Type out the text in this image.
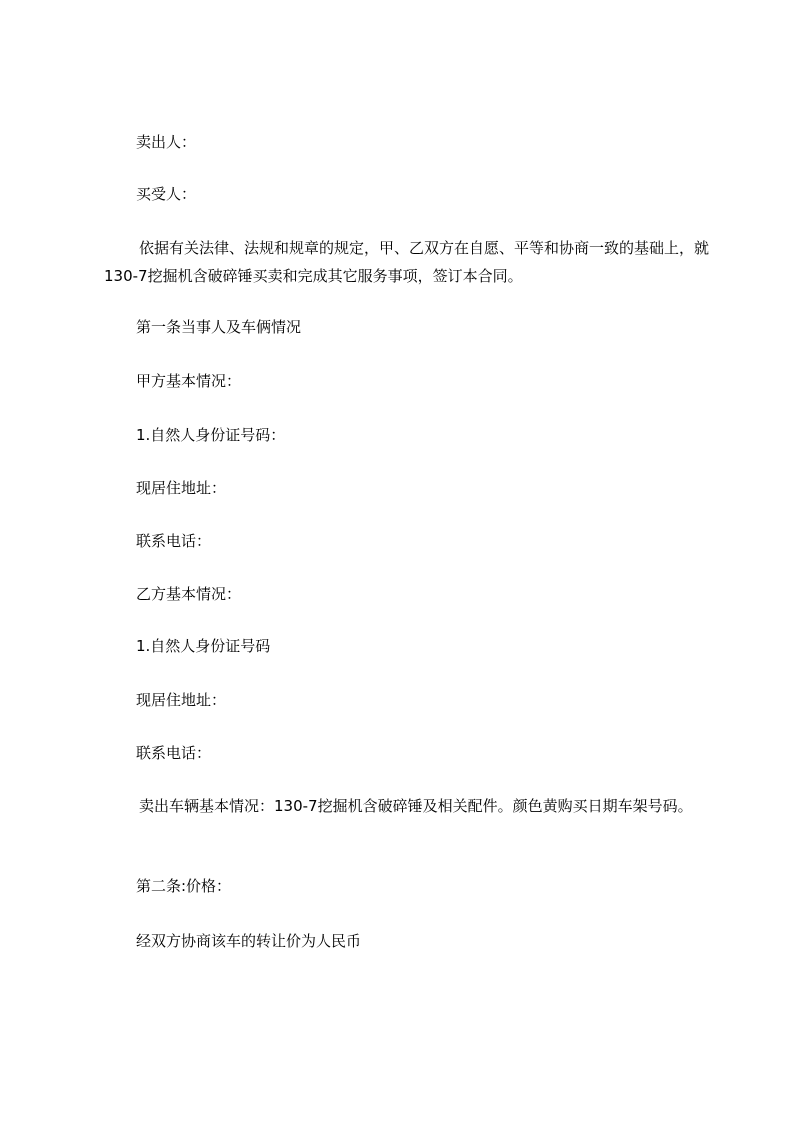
卖出人：

买受人：

依据有关法律、法规和规章的规定，甲、乙双方在自愿、平等和协商一致的基础上，就130-7挖掘机含破碎锤买卖和完成其它服务事项，签订本合同。

第一条当事人及车俩情况

甲方基本情况：

1.自然人身份证号码：

现居住地址：

联系电话：

乙方基本情况：

1.自然人身份证号码

现居住地址：

联系电话：

卖出车辆基本情况：130-7挖掘机含破碎锤及相关配件。颜色黄购买日期车架号码。

第二条:价格：

经双方协商该车的转让价为人民币
